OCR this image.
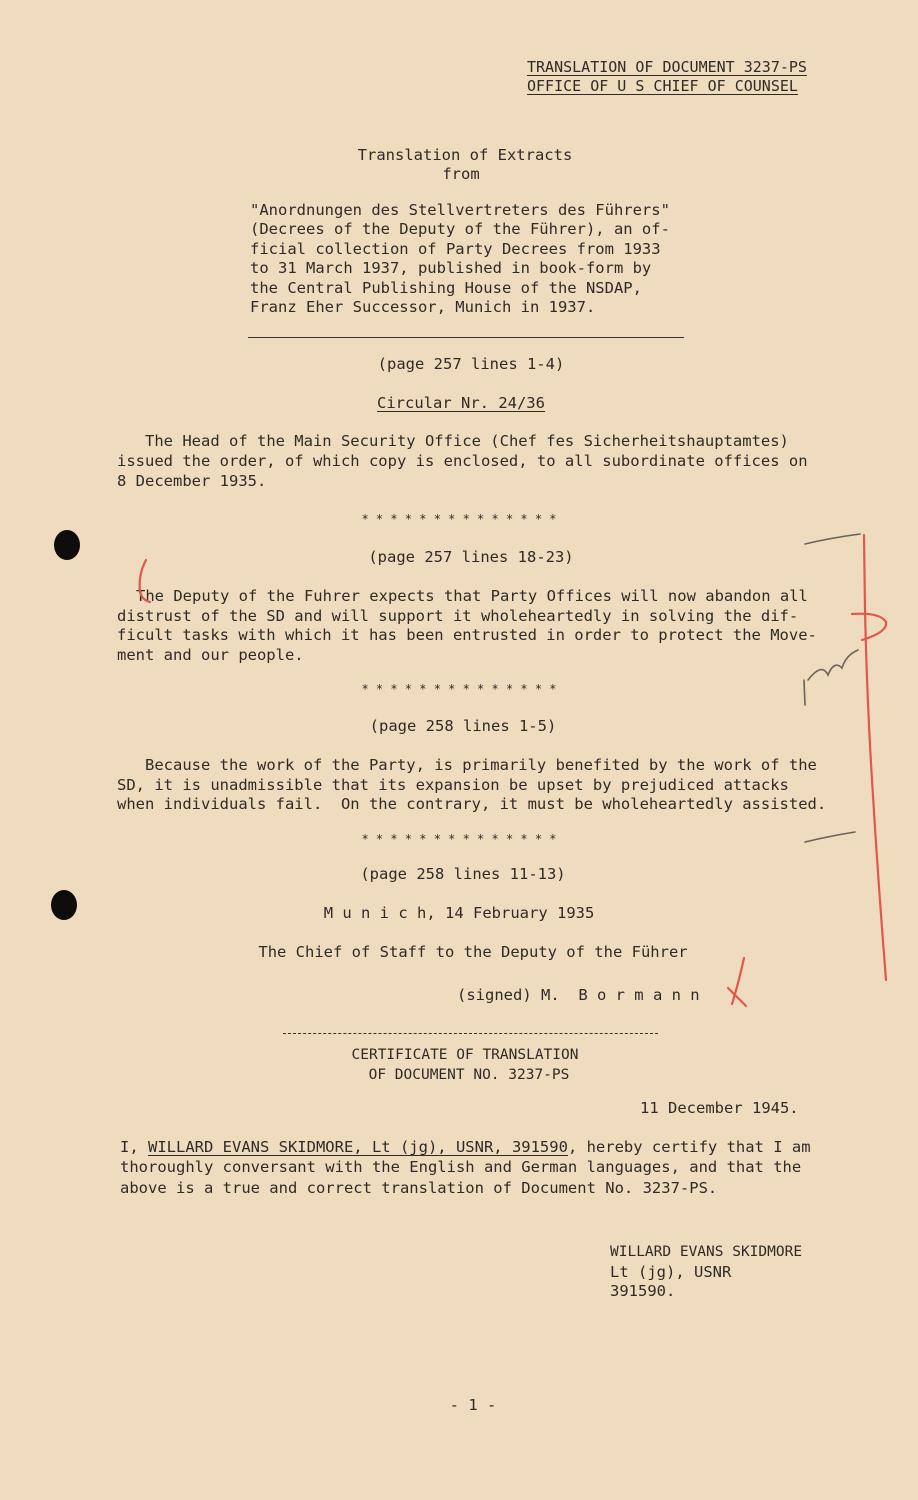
TRANSLATION OF DOCUMENT 3237-PS
OFFICE OF U S CHIEF OF COUNSEL
Translation of Extracts
from
"Anordnungen des Stellvertreters des Führers"
(Decrees of the Deputy of the Führer), an of-
ficial collection of Party Decrees from 1933
to 31 March 1937, published in book-form by
the Central Publishing House of the NSDAP,
Franz Eher Successor, Munich in 1937.
(page 257 lines 1-4)
Circular Nr. 24/36
The Head of the Main Security Office (Chef fes Sicherheitshauptamtes)
issued the order, of which copy is enclosed, to all subordinate offices on
8 December 1935.
* * * * * * * * * * * * * *
(page 257 lines 18-23)
The Deputy of the Fuhrer expects that Party Offices will now abandon all
distrust of the SD and will support it wholeheartedly in solving the dif-
ficult tasks with which it has been entrusted in order to protect the Move-
ment and our people.
* * * * * * * * * * * * * *
(page 258 lines 1-5)
Because the work of the Party, is primarily benefited by the work of the
SD, it is unadmissible that its expansion be upset by prejudiced attacks
when individuals fail.  On the contrary, it must be wholeheartedly assisted.
* * * * * * * * * * * * * *
(page 258 lines 11-13)
M u n i c h, 14 February 1935
The Chief of Staff to the Deputy of the Führer
(signed) M.  B o r m a n n
CERTIFICATE OF TRANSLATION
OF DOCUMENT NO. 3237-PS
11 December 1945.
I, WILLARD EVANS SKIDMORE, Lt (jg), USNR, 391590, hereby certify that I am
thoroughly conversant with the English and German languages, and that the
above is a true and correct translation of Document No. 3237-PS.
WILLARD EVANS SKIDMORE
Lt (jg), USNR
391590.
- 1 -
